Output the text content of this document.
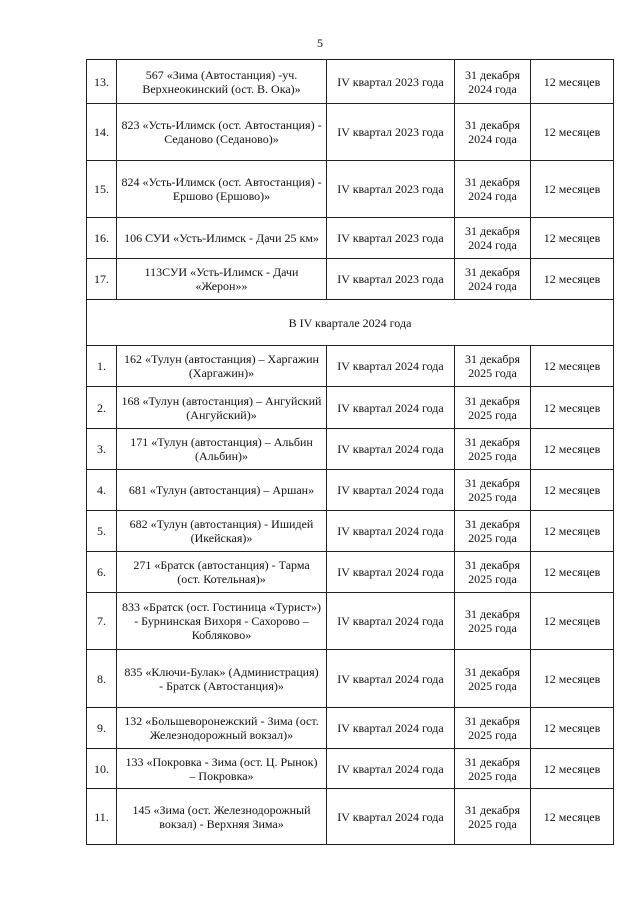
5
13.	567 «Зима (Автостанция) -уч. Верхнеокинский (ост. В. Ока)»	IV квартал 2023 года	31 декабря 2024 года	12 месяцев
14.	823 «Усть-Илимск (ост. Автостанция) - Седаново (Седаново)»	IV квартал 2023 года	31 декабря 2024 года	12 месяцев
15.	824 «Усть-Илимск (ост. Автостанция) - Ершово (Ершово)»	IV квартал 2023 года	31 декабря 2024 года	12 месяцев
16.	106 СУИ «Усть-Илимск - Дачи 25 км»	IV квартал 2023 года	31 декабря 2024 года	12 месяцев
17.	113СУИ «Усть-Илимск - Дачи «Жерон»»	IV квартал 2023 года	31 декабря 2024 года	12 месяцев
В IV квартале 2024 года				
1.	162 «Тулун (автостанция) – Харгажин (Харгажин)»	IV квартал 2024 года	31 декабря 2025 года	12 месяцев
2.	168 «Тулун (автостанция) – Ангуйский (Ангуйский)»	IV квартал 2024 года	31 декабря 2025 года	12 месяцев
3.	171 «Тулун (автостанция) – Альбин (Альбин)»	IV квартал 2024 года	31 декабря 2025 года	12 месяцев
4.	681 «Тулун (автостанция) – Аршан»	IV квартал 2024 года	31 декабря 2025 года	12 месяцев
5.	682 «Тулун (автостанция) - Ишидей (Икейская)»	IV квартал 2024 года	31 декабря 2025 года	12 месяцев
6.	271 «Братск (автостанция) - Тарма (ост. Котельная)»	IV квартал 2024 года	31 декабря 2025 года	12 месяцев
7.	833 «Братск (ост. Гостиница «Турист») - Бурнинская Вихоря - Сахорово – Кобляково»	IV квартал 2024 года	31 декабря 2025 года	12 месяцев
8.	835 «Ключи-Булак» (Администрация) - Братск (Автостанция)»	IV квартал 2024 года	31 декабря 2025 года	12 месяцев
9.	132 «Большеворонежский - Зима (ост. Железнодорожный вокзал)»	IV квартал 2024 года	31 декабря 2025 года	12 месяцев
10.	133 «Покровка - Зима (ост. Ц. Рынок) – Покровка»	IV квартал 2024 года	31 декабря 2025 года	12 месяцев
11.	145 «Зима (ост. Железнодорожный вокзал) - Верхняя Зима»	IV квартал 2024 года	31 декабря 2025 года	12 месяцев
